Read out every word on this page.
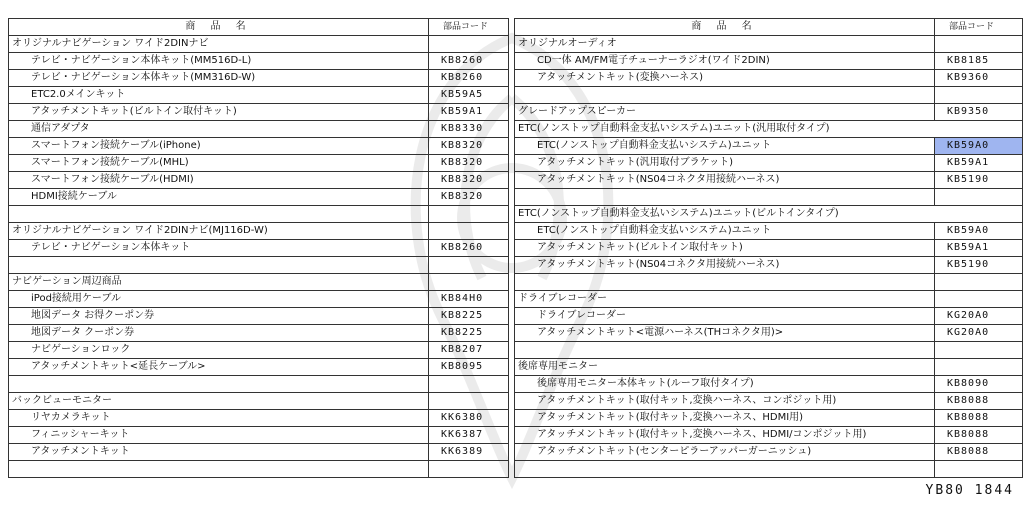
商 品 名	部品コード		商 品 名	部品コード
オリジナルナビゲーション ワイド2DINナビ			オリジナルオーディオ	
テレビ・ナビゲーション本体キット(MM516D-L)	KB8260		CD一体 AM/FM電子チューナーラジオ(ワイド2DIN)	KB8185
テレビ・ナビゲーション本体キット(MM316D-W)	KB8260		アタッチメントキット(変換ハーネス)	KB9360
ETC2.0メインキット	KB59A5			
アタッチメントキット(ビルトイン取付キット)	KB59A1		グレードアップスピーカー	KB9350
通信アダプタ	KB8330		ETC(ノンストップ自動料金支払いシステム)ユニット(汎用取付タイプ)	
スマートフォン接続ケーブル(iPhone)	KB8320		ETC(ノンストップ自動料金支払いシステム)ユニット	KB59A0
スマートフォン接続ケーブル(MHL)	KB8320		アタッチメントキット(汎用取付ブラケット)	KB59A1
スマートフォン接続ケーブル(HDMI)	KB8320		アタッチメントキット(NS04コネクタ用接続ハーネス)	KB5190
HDMI接続ケーブル	KB8320			
			ETC(ノンストップ自動料金支払いシステム)ユニット(ビルトインタイプ)	
オリジナルナビゲーション ワイド2DINナビ(MJ116D-W)			ETC(ノンストップ自動料金支払いシステム)ユニット	KB59A0
テレビ・ナビゲーション本体キット	KB8260		アタッチメントキット(ビルトイン取付キット)	KB59A1
			アタッチメントキット(NS04コネクタ用接続ハーネス)	KB5190
ナビゲーション周辺商品				
iPod接続用ケーブル	KB84H0		ドライブレコーダー	
地図データ お得クーポン券	KB8225		ドライブレコーダー	KG20A0
地図データ クーポン券	KB8225		アタッチメントキット<電源ハーネス(THコネクタ用)>	KG20A0
ナビゲーションロック	KB8207			
アタッチメントキット<延長ケーブル>	KB8095		後席専用モニター	
			後席専用モニター本体キット(ルーフ取付タイプ)	KB8090
バックビューモニター			アタッチメントキット(取付キット,変換ハーネス、コンポジット用)	KB8088
リヤカメラキット	KK6380		アタッチメントキット(取付キット,変換ハーネス、HDMI用)	KB8088
フィニッシャーキット	KK6387		アタッチメントキット(取付キット,変換ハーネス、HDMI/コンポジット用)	KB8088
アタッチメントキット	KK6389		アタッチメントキット(センターピラーアッパーガーニッシュ)	KB8088

YB80 1844
